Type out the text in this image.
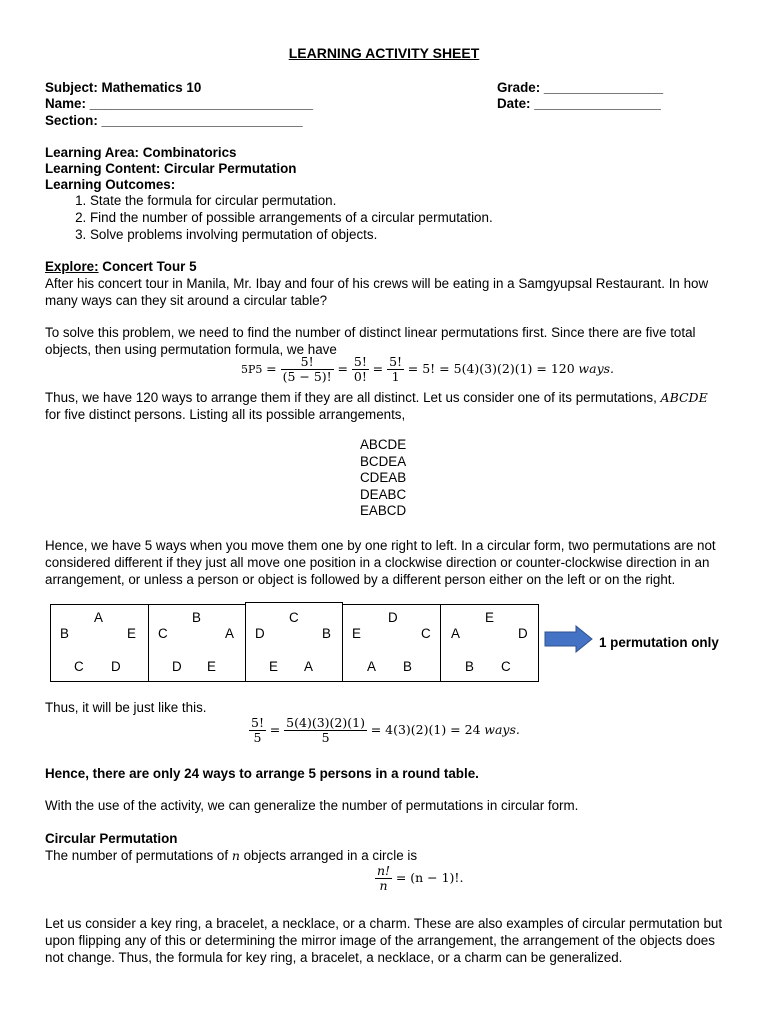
LEARNING ACTIVITY SHEET
Subject: Mathematics 10
Name: ______________________________
Section: ___________________________
Grade: ________________
Date: _________________
Learning Area: Combinatorics
Learning Content: Circular Permutation
Learning Outcomes:
1. State the formula for circular permutation.
2. Find the number of possible arrangements of a circular permutation.
3. Solve problems involving permutation of objects.
Explore: Concert Tour 5
After his concert tour in Manila, Mr. Ibay and four of his crews will be eating in a Samgyupsal Restaurant. In how many ways can they sit around a circular table?
To solve this problem, we need to find the number of distinct linear permutations first. Since there are five total objects, then using permutation formula, we have
$5P5 = \frac{5!}{(5 - 5)!} = \frac{5!}{0!} = \frac{5!}{1} = 5$! = 5(4)(3)(2)(1) = 120 ways.
Thus, we have 120 ways to arrange them if they are all distinct. Let us consider one of its permutations, ABCDE for five distinct persons. Listing all its possible arrangements,
ABCDE
BCDEA
CDEAB
DEABC
EABCD
Hence, we have 5 ways when you move them one by one right to left. In a circular form, two permutations are not considered different if they just all move one position in a clockwise direction or counter-clockwise direction in an arrangement, or unless a person or object is followed by a different person either on the left or on the right.
A
B	E
C D
B
C	A
D E
C
D	B
E A
D
E	C
A B
E
A	D
B C
1 permutation only
Thus, it will be just like this.
$\frac{5!}{5} = \frac{5(4)(3)(2)(1)}{5} = 4(3)(2)(1) = 24$ ways.
Hence, there are only 24 ways to arrange 5 persons in a round table.
With the use of the activity, we can generalize the number of permutations in circular form.
Circular Permutation
The number of permutations of n objects arranged in a circle is
$\frac{n!}{n} = (n - 1)$!.
Let us consider a key ring, a bracelet, a necklace, or a charm. These are also examples of circular permutation but upon flipping any of this or determining the mirror image of the arrangement, the arrangement of the objects does not change. Thus, the formula for key ring, a bracelet, a necklace, or a charm can be generalized.
